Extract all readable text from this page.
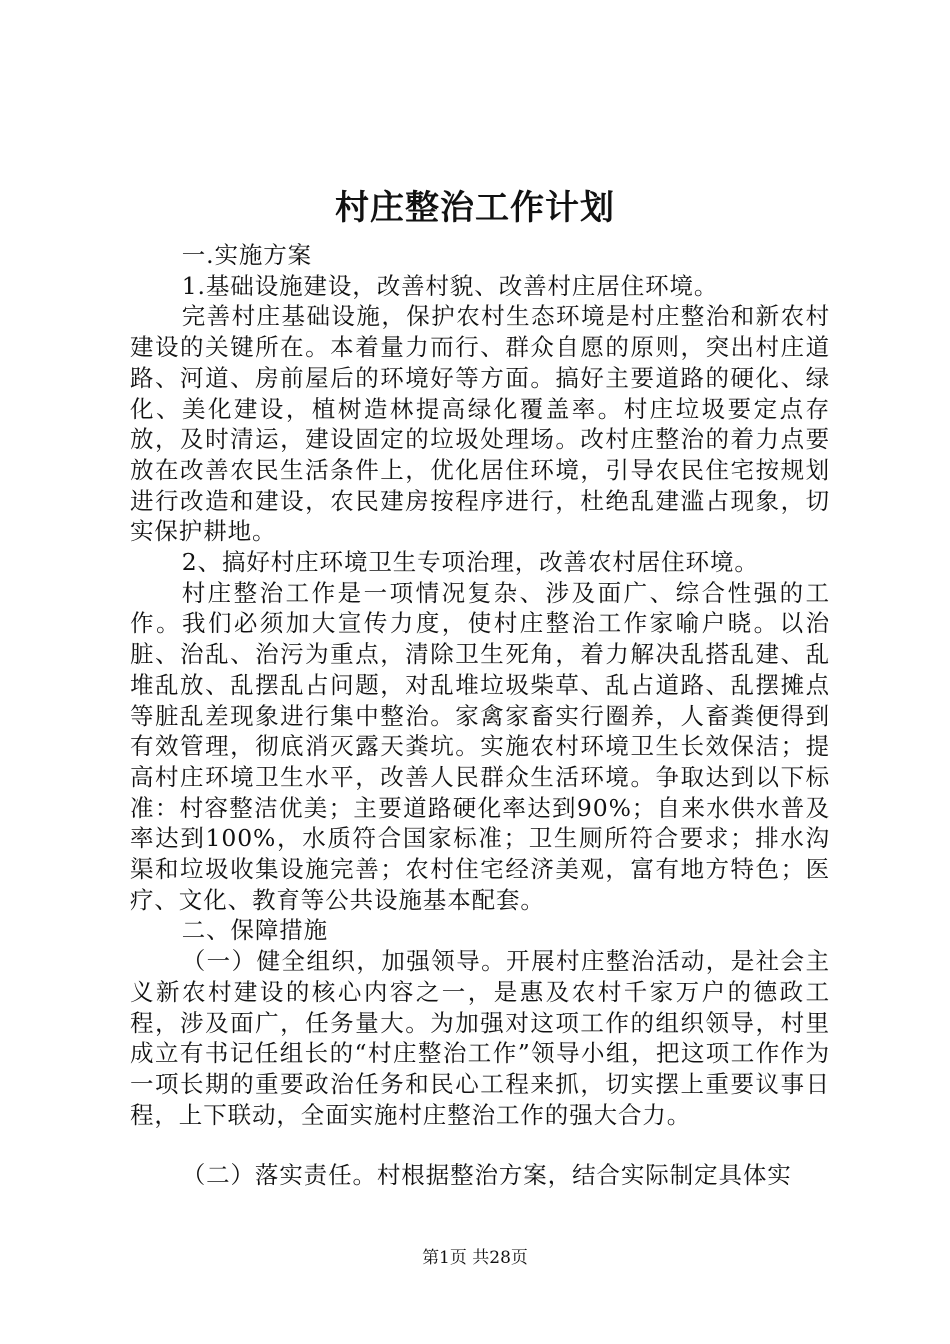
村庄整治工作计划

一.实施方案

1.基础设施建设，改善村貌、改善村庄居住环境。

完善村庄基础设施，保护农村生态环境是村庄整治和新农村建设的关键所在。本着量力而行、群众自愿的原则，突出村庄道路、河道、房前屋后的环境好等方面。搞好主要道路的硬化、绿化、美化建设，植树造林提高绿化覆盖率。村庄垃圾要定点存放，及时清运，建设固定的垃圾处理场。改村庄整治的着力点要放在改善农民生活条件上，优化居住环境，引导农民住宅按规划进行改造和建设，农民建房按程序进行，杜绝乱建滥占现象，切实保护耕地。

2、搞好村庄环境卫生专项治理，改善农村居住环境。

村庄整治工作是一项情况复杂、涉及面广、综合性强的工作。我们必须加大宣传力度，使村庄整治工作家喻户晓。以治脏、治乱、治污为重点，清除卫生死角，着力解决乱搭乱建、乱堆乱放、乱摆乱占问题，对乱堆垃圾柴草、乱占道路、乱摆摊点等脏乱差现象进行集中整治。家禽家畜实行圈养，人畜粪便得到有效管理，彻底消灭露天粪坑。实施农村环境卫生长效保洁；提高村庄环境卫生水平，改善人民群众生活环境。争取达到以下标准：村容整洁优美；主要道路硬化率达到90%；自来水供水普及率达到100%，水质符合国家标准；卫生厕所符合要求；排水沟渠和垃圾收集设施完善；农村住宅经济美观，富有地方特色；医疗、文化、教育等公共设施基本配套。

二、保障措施

（一）健全组织，加强领导。开展村庄整治活动，是社会主义新农村建设的核心内容之一，是惠及农村千家万户的德政工程，涉及面广，任务量大。为加强对这项工作的组织领导，村里成立有书记任组长的“村庄整治工作”领导小组，把这项工作作为一项长期的重要政治任务和民心工程来抓，切实摆上重要议事日程，上下联动，全面实施村庄整治工作的强大合力。

（二）落实责任。村根据整治方案，结合实际制定具体实

第1页 共28页
